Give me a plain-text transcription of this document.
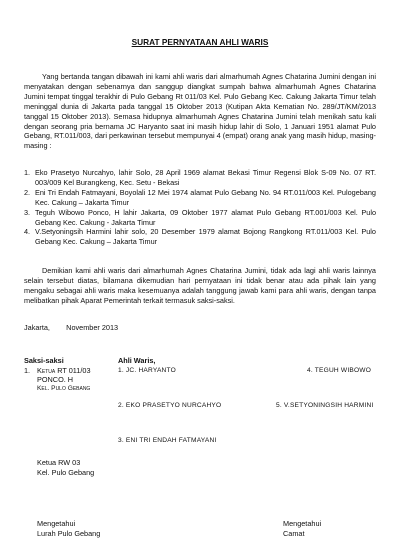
SURAT PERNYATAAN AHLI WARIS

Yang bertanda tangan dibawah ini kami ahli waris dari almarhumah Agnes Chatarina Jumini dengan ini menyatakan dengan sebenarnya dan sanggup diangkat sumpah bahwa almarhumah Agnes Chatarina Jumini tempat tinggal terakhir di Pulo Gebang Rt 011/03 Kel. Pulo Gebang Kec. Cakung Jakarta Timur telah meninggal dunia di Jakarta pada tanggal 15 Oktober 2013 (Kutipan Akta Kematian No. 289/JT/KM/2013 tanggal 15 Oktober 2013). Semasa hidupnya almarhumah Agnes Chatarina Jumini telah menikah satu kali dengan seorang pria bernama JC Haryanto saat ini masih hidup lahir di Solo, 1 Januari 1951 alamat Pulo Gebang, RT.011/003, dari perkawinan tersebut mempunyai 4 (empat) orang anak yang masih hidup, masing-masing :

1. Eko Prasetyo Nurcahyo, lahir Solo, 28 April 1969 alamat Bekasi Timur Regensi Blok S-09 No. 07 RT. 003/009 Kel Burangkeng, Kec. Setu - Bekasi
2. Eni Tri Endah Fatmayani, Boyolali 12 Mei 1974 alamat Pulo Gebang No. 94 RT.011/003 Kel. Pulogebang Kec. Cakung – Jakarta Timur
3. Teguh Wibowo Ponco, H lahir Jakarta, 09 Oktober 1977 alamat Pulo Gebang RT.001/003 Kel. Pulo Gebang Kec. Cakung - Jakarta Timur
4. V.Setyoningsih Harmini lahir solo, 20 Desember 1979 alamat Bojong Rangkong RT.011/003 Kel. Pulo Gebang Kec. Cakung – Jakarta Timur

Demikian kami ahli waris dari almarhumah Agnes Chatarina Jumini, tidak ada lagi ahli waris lainnya selain tersebut diatas, bilamana dikemudian hari pernyataan ini tidak benar atau ada pihak lain yang mengaku sebagai ahli waris maka kesemuanya adalah tanggung jawab kami para ahli waris, dengan tanpa melibatkan pihak Aparat Pemerintah terkait termasuk saksi-saksi.

Jakarta,        November 2013
Saksi-saksi
1. Ketua RT 011/03
PONCO. H
Kel. Pulo Gebang
Ketua RW 03
Kel. Pulo Gebang
Ahli Waris,
1. JC. HARYANTO	4. TEGUH WIBOWO
2. EKO PRASETYO NURCAHYO	5. V.SETYONINGSIH HARMINI
3. ENI TRI ENDAH FATMAYANI
Mengetahui
Lurah Pulo Gebang
Mengetahui
Camat
